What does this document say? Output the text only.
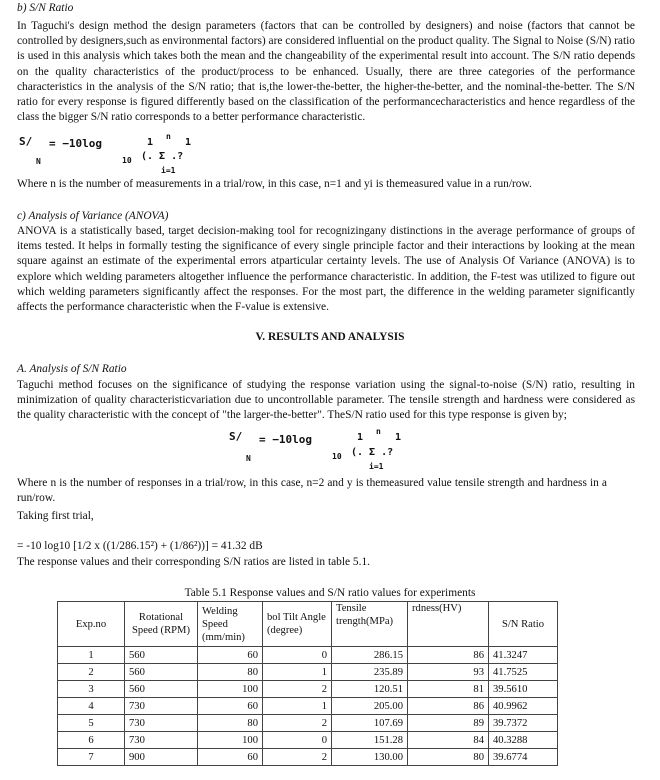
b) S/N Ratio

In Taguchi's design method the design parameters (factors that can be controlled by designers) and noise (factors that cannot be controlled by designers,such as environmental factors) are considered influential on the product quality. The Signal to Noise (S/N) ratio is used in this analysis which takes both the mean and the changeability of the experimental result into account. The S/N ratio depends on the quality characteristics of the product/process to be enhanced. Usually, there are three categories of the performance characteristics in the analysis of the S/N ratio; that is,the lower-the-better, the higher-the-better, and the nominal-the-better. The S/N ratio for every response is figured differently based on the classification of the performancecharacteristics and hence regardless of the class the bigger S/N ratio corresponds to a better performance characteristic.

S/ = −10log	1
n
1
N	10 (. Σ .?
i=1
Where n is the number of measurements in a trial/row, in this case, n=1 and yi is themeasured value in a run/row.
c) Analysis of Variance (ANOVA)

ANOVA is a statistically based, target decision-making tool for recognizingany distinctions in the average performance of groups of items tested. It helps in formally testing the significance of every single principle factor and their interactions by looking at the mean square against an estimate of the experimental errors atparticular certainty levels. The use of Analysis Of Variance (ANOVA) is to explore which welding parameters altogether influence the performance characteristic. In addition, the F-test was utilized to figure out which welding parameters significantly affect the responses. For the most part, the difference in the welding parameter significantly affects the performance characteristic when the F-value is extensive.

V. RESULTS AND ANALYSIS
A. Analysis of S/N Ratio

Taguchi method focuses on the significance of studying the response variation using the signal-to-noise (S/N) ratio, resulting in minimization of quality characteristicvariation due to uncontrollable parameter. The tensile strength and hardness were considered as the quality characteristic with the concept of "the larger-the-better". TheS/N ratio used for this type response is given by;

S/ = −10log	1
n
1
N	10 (. Σ .?
i=1

Where n is the number of responses in a trial/row, in this case, n=2 and y is themeasured value tensile strength and hardness in a run/row.

Taking first trial,
= -10 log10 [1/2 x ((1/286.15²) + (1/86²))] = 41.32 dB
The response values and their corresponding S/N ratios are listed in table 5.1.
Table 5.1 Response values and S/N ratio values for experiments
Exp.no	Rotational Speed (RPM)	Welding Speed (mm/min)	bol Tilt Angle (degree)	Tensile trength(MPa)	rdness(HV)	S/N Ratio
1	560	60	0	286.15	86	41.3247
2	560	80	1	235.89	93	41.7525
3	560	100	2	120.51	81	39.5610
4	730	60	1	205.00	86	40.9962
5	730	80	2	107.69	89	39.7372
6	730	100	0	151.28	84	40.3288
7	900	60	2	130.00	80	39.6774
